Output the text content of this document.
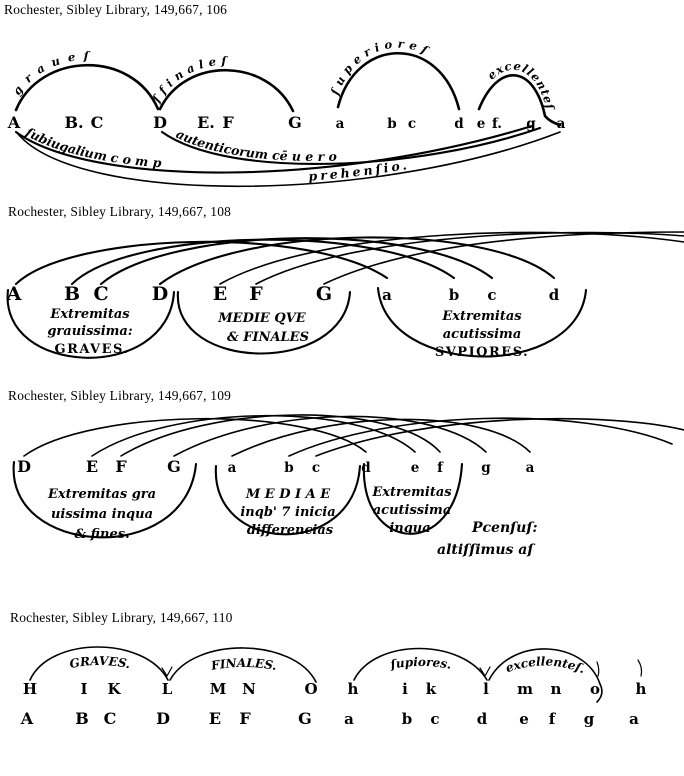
Rochester, Sibley Library, 149,667, 106
graueſ
ſfinaleſ
ſuperioreſ
excellenteſ
ſubiugalium c o m p
autenticorum cē u e r o
prehenſio.
A	B. C	D E. F	G	a	b c	d e f. g a
Rochester, Sibley Library, 149,667, 108
Extremitas
grauissima:
GRAVES.
MEDIE QVE
& FINALES
Extremitas
acutissima
SVPIORES.
A B C D E F	G	a	b c	d
Rochester, Sibley Library, 149,667, 109
Extremitas gra
uissima inqua
& fines.
M E D I A E
inqb' 7 inicia
differencias
Extremitas
acutissima
inqua	Pcenſuſ:
altiſſimus aſ
D	E F	G	a	b c	d	e f	g	a
Rochester, Sibley Library, 149,667, 110
GRAVES.	FINALES.	ſupiores.	excellenteſ.
H	I K	L M N	O h	i k	l m n o h
A	B C D E F	G a	b c d e f g a
